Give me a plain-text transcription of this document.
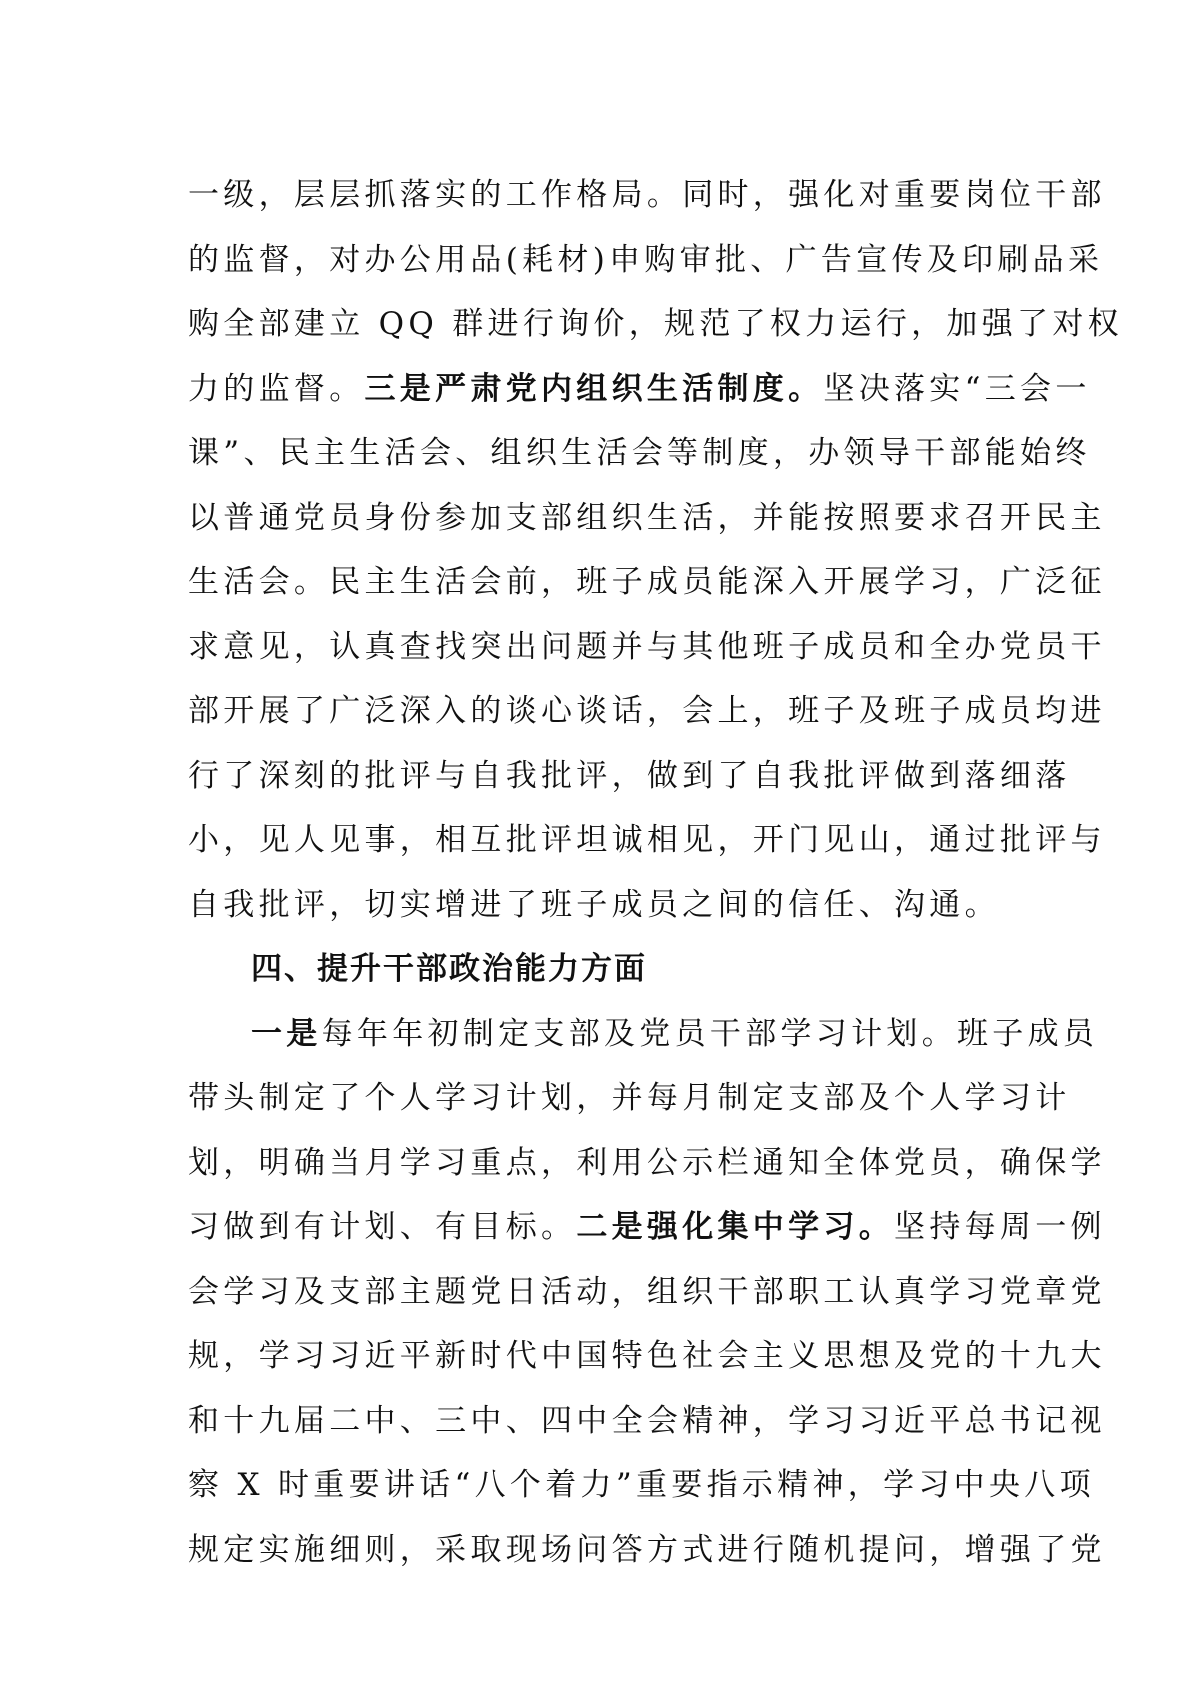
一级，层层抓落实的工作格局。同时，强化对重要岗位干部
的监督，对办公用品(耗材)申购审批、广告宣传及印刷品采
购全部建立 QQ 群进行询价，规范了权力运行，加强了对权
力的监督。三是严肃党内组织生活制度。坚决落实“三会一
课”、民主生活会、组织生活会等制度，办领导干部能始终
以普通党员身份参加支部组织生活，并能按照要求召开民主
生活会。民主生活会前，班子成员能深入开展学习，广泛征
求意见，认真查找突出问题并与其他班子成员和全办党员干
部开展了广泛深入的谈心谈话，会上，班子及班子成员均进
行了深刻的批评与自我批评，做到了自我批评做到落细落
小，见人见事，相互批评坦诚相见，开门见山，通过批评与
自我批评，切实增进了班子成员之间的信任、沟通。
四、提升干部政治能力方面
一是每年年初制定支部及党员干部学习计划。班子成员
带头制定了个人学习计划，并每月制定支部及个人学习计
划，明确当月学习重点，利用公示栏通知全体党员，确保学
习做到有计划、有目标。二是强化集中学习。坚持每周一例
会学习及支部主题党日活动，组织干部职工认真学习党章党
规，学习习近平新时代中国特色社会主义思想及党的十九大
和十九届二中、三中、四中全会精神，学习习近平总书记视
察 X 时重要讲话“八个着力”重要指示精神，学习中央八项
规定实施细则，采取现场问答方式进行随机提问，增强了党
